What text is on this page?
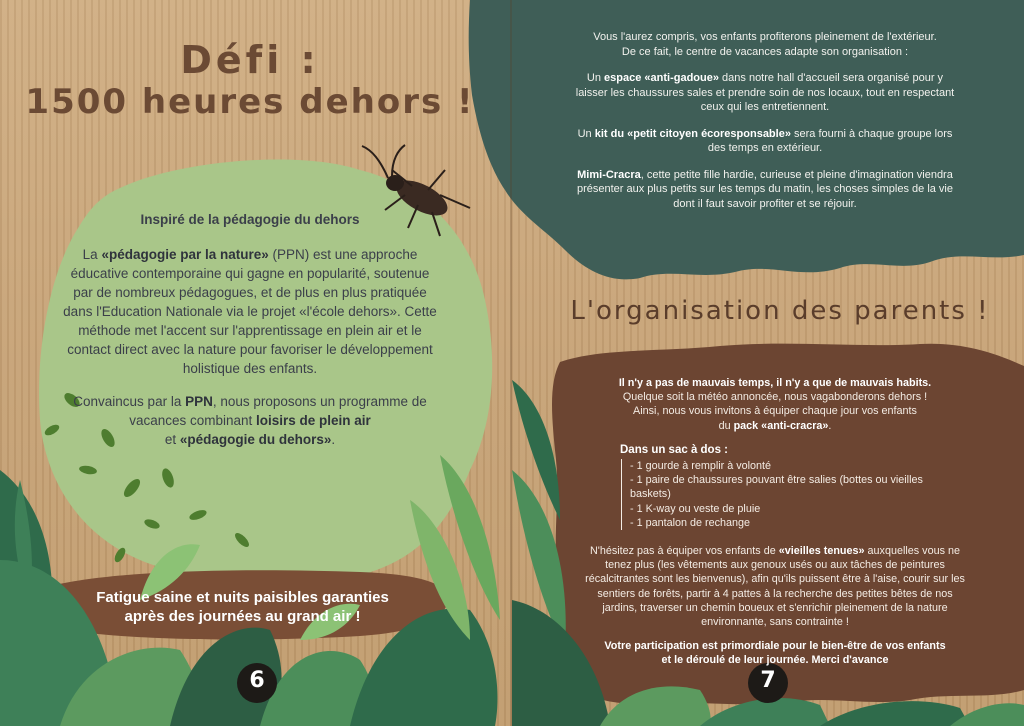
Défi :
1500 heures dehors !
Inspiré de la pédagogie du dehors

La «pédagogie par la nature» (PPN) est une approche éducative contemporaine qui gagne en popularité, soutenue par de nombreux pédagogues, et de plus en plus pratiquée dans l'Education Nationale via le projet «l'école dehors». Cette méthode met l'accent sur l'apprentissage en plein air et le contact direct avec la nature pour favoriser le développement holistique des enfants.

Convaincus par la PPN, nous proposons un programme de vacances combinant loisirs de plein air
et «pédagogie du dehors».

Fatigue saine et nuits paisibles garanties
après des journées au grand air !
6

Vous l'aurez compris, vos enfants profiterons pleinement de l'extérieur.
De ce fait, le centre de vacances adapte son organisation :

Un espace «anti-gadoue» dans notre hall d'accueil sera organisé pour y laisser les chaussures sales et prendre soin de nos locaux, tout en respectant ceux qui les entretiennent.

Un kit du «petit citoyen écoresponsable» sera fourni à chaque groupe lors des temps en extérieur.

Mimi-Cracra, cette petite fille hardie, curieuse et pleine d'imagination viendra présenter aux plus petits sur les temps du matin, les choses simples de la vie dont il faut savoir profiter et se réjouir.

L'organisation des parents !
Il n'y a pas de mauvais temps, il n'y a que de mauvais habits.
Quelque soit la météo annoncée, nous vagabonderons dehors !
Ainsi, nous vous invitons à équiper chaque jour vos enfants
du pack «anti-cracra».
Dans un sac à dos :
- 1 gourde à remplir à volonté
- 1 paire de chaussures pouvant être salies (bottes ou vieilles baskets)
- 1 K-way ou veste de pluie
- 1 pantalon de rechange

N'hésitez pas à équiper vos enfants de «vieilles tenues» auxquelles vous ne tenez plus (les vêtements aux genoux usés ou aux tâches de peintures récalcitrantes sont les bienvenus), afin qu'ils puissent être à l'aise, courir sur les sentiers de forêts, partir à 4 pattes à la recherche des petites bêtes de nos jardins, traverser un chemin boueux et s'enrichir pleinement de la nature environnante, sans contrainte !

Votre participation est primordiale pour le bien-être de vos enfants
et le déroulé de leur journée. Merci d'avance
7
